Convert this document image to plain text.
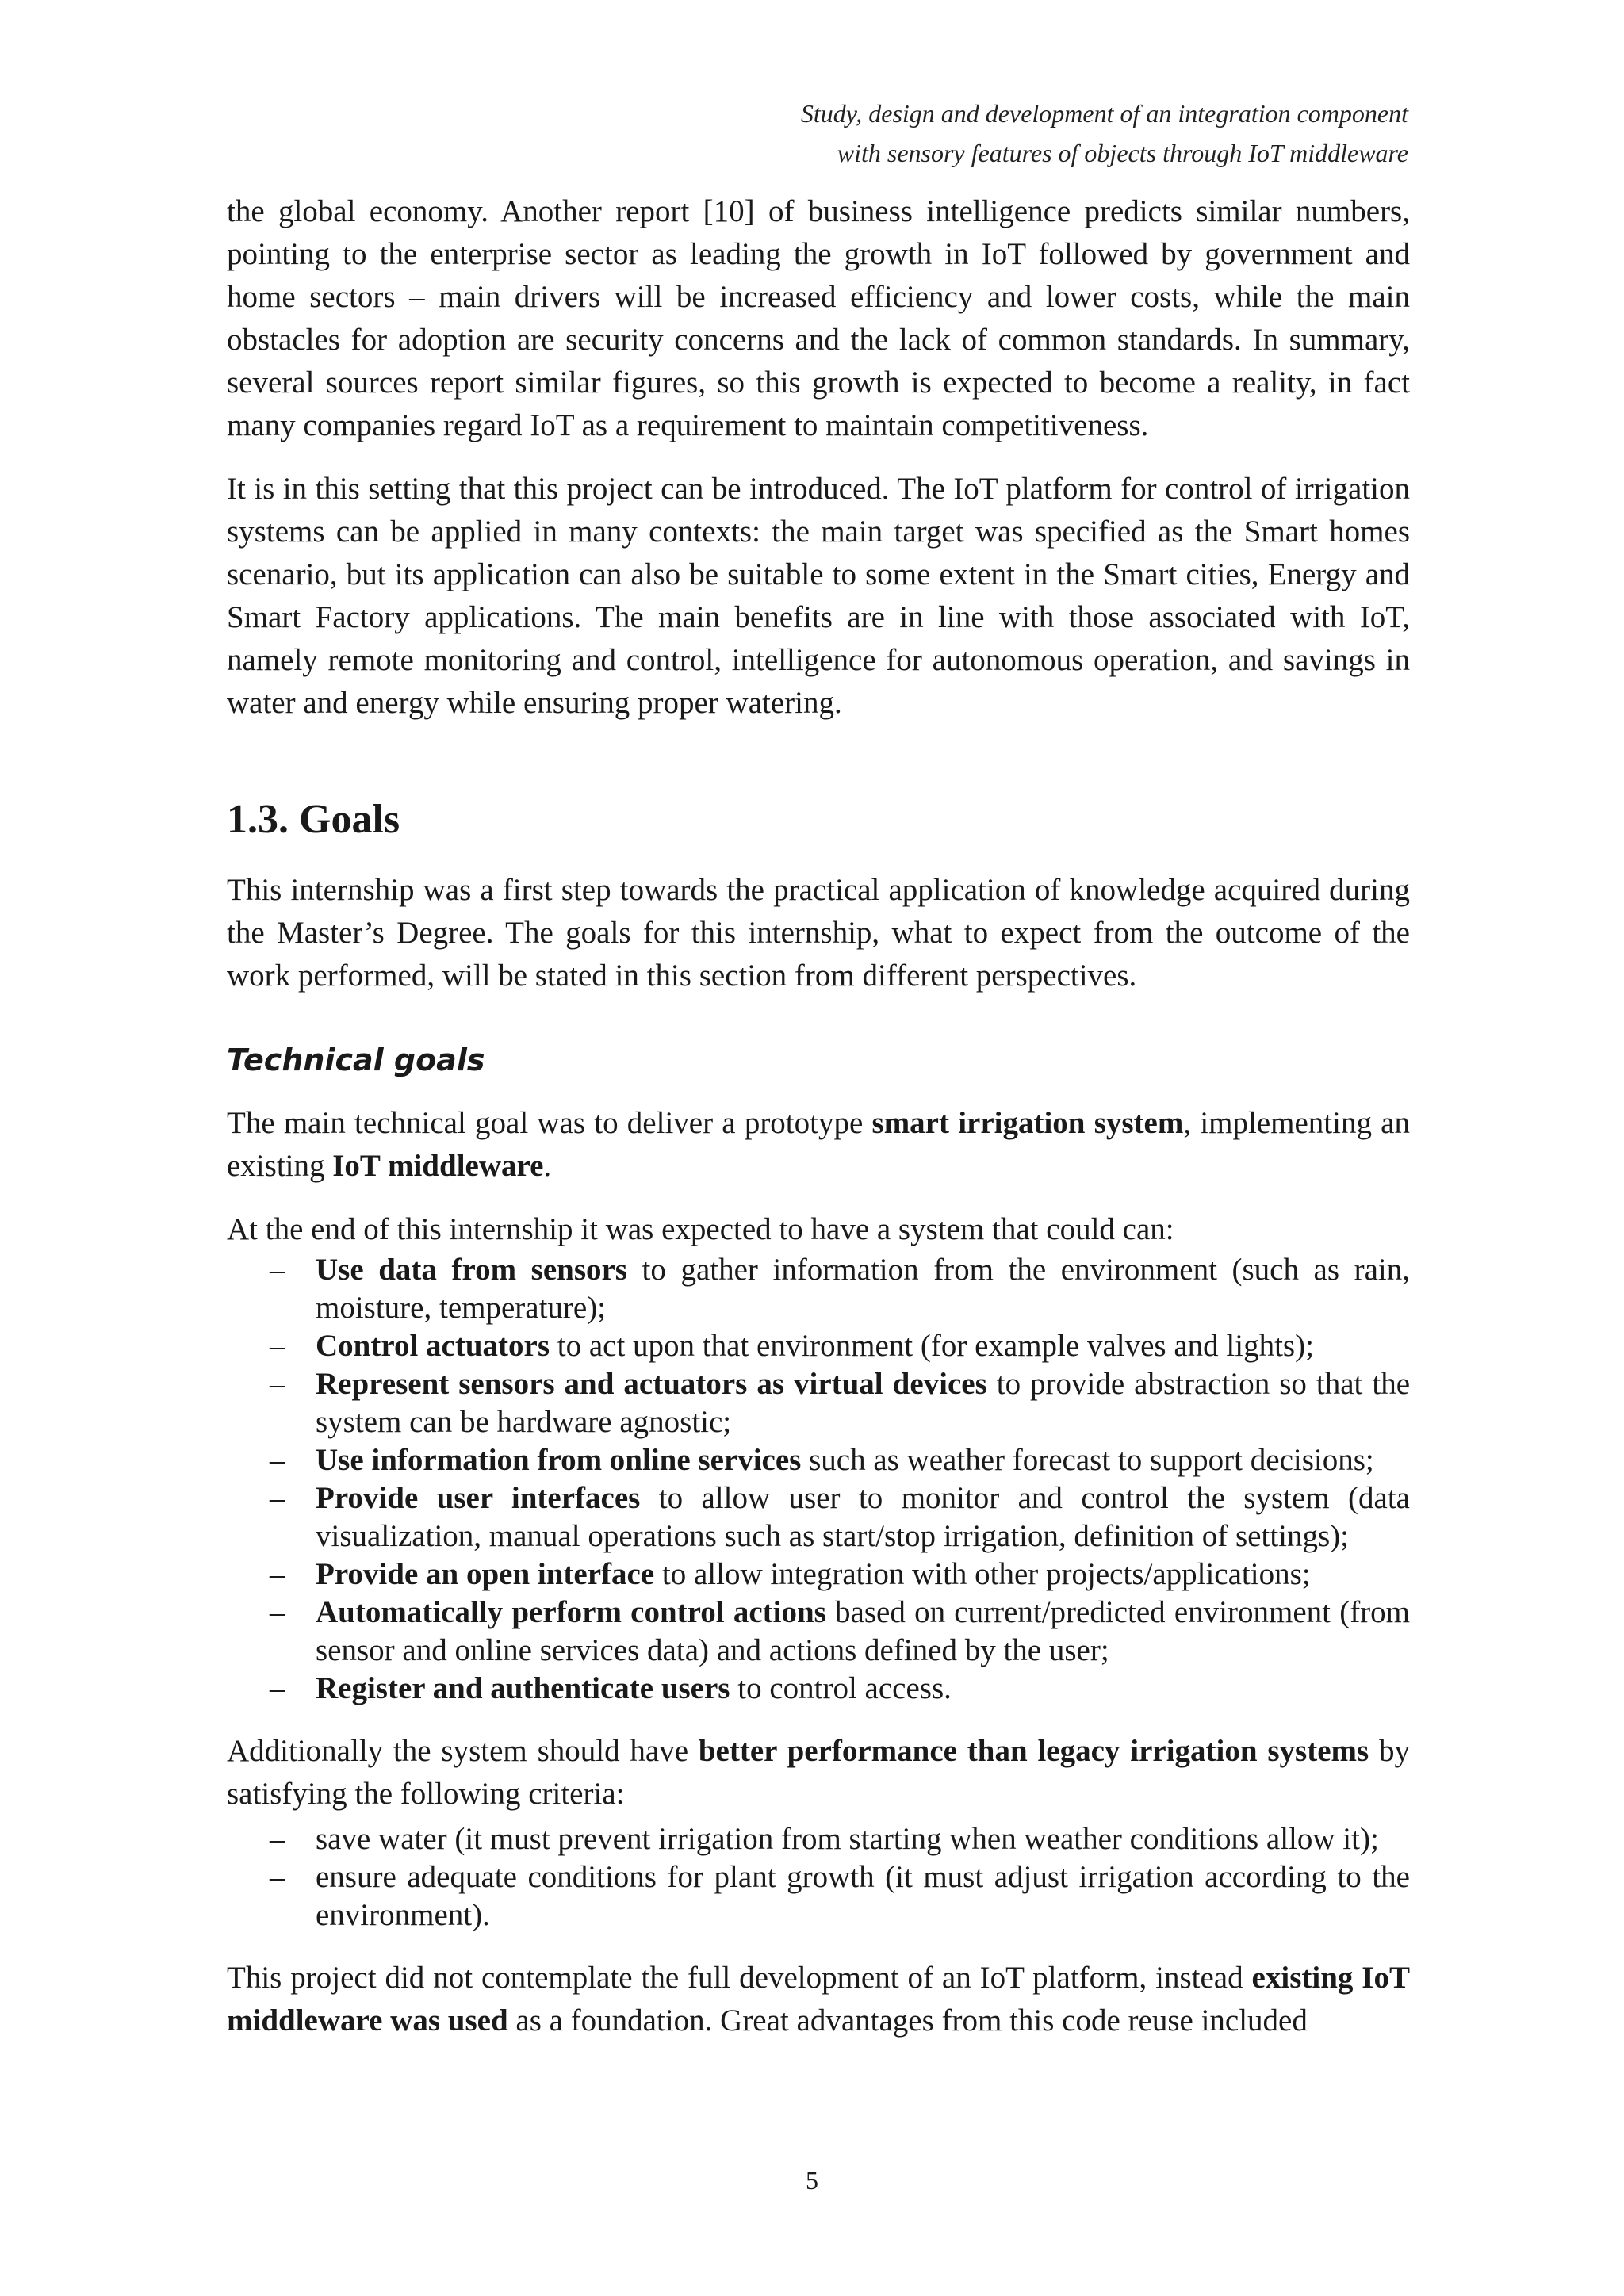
Study, design and development of an integration component
with sensory features of objects through IoT middleware

the global economy. Another report [10] of business intelligence predicts similar numbers, pointing to the enterprise sector as leading the growth in IoT followed by government and home sectors – main drivers will be increased efficiency and lower costs, while the main obstacles for adoption are security concerns and the lack of common standards. In summary, several sources report similar figures, so this growth is expected to become a reality, in fact many companies regard IoT as a requirement to maintain competitiveness.

It is in this setting that this project can be introduced. The IoT platform for control of irrigation systems can be applied in many contexts: the main target was specified as the Smart homes scenario, but its application can also be suitable to some extent in the Smart cities, Energy and Smart Factory applications. The main benefits are in line with those associated with IoT, namely remote monitoring and control, intelligence for autonomous operation, and savings in water and energy while ensuring proper watering.

1.3. Goals

This internship was a first step towards the practical application of knowledge acquired during the Master’s Degree. The goals for this internship, what to expect from the outcome of the work performed, will be stated in this section from different perspectives.

Technical goals

The main technical goal was to deliver a prototype smart irrigation system, implementing an existing IoT middleware.

At the end of this internship it was expected to have a system that could can:

– Use data from sensors to gather information from the environment (such as rain, moisture, temperature);
– Control actuators to act upon that environment (for example valves and lights);
– Represent sensors and actuators as virtual devices to provide abstraction so that the system can be hardware agnostic;
– Use information from online services such as weather forecast to support decisions;
– Provide user interfaces to allow user to monitor and control the system (data visualization, manual operations such as start/stop irrigation, definition of settings);
– Provide an open interface to allow integration with other projects/applications;
– Automatically perform control actions based on current/predicted environment (from sensor and online services data) and actions defined by the user;
– Register and authenticate users to control access.

Additionally the system should have better performance than legacy irrigation systems by satisfying the following criteria:

– save water (it must prevent irrigation from starting when weather conditions allow it);
– ensure adequate conditions for plant growth (it must adjust irrigation according to the environment).

This project did not contemplate the full development of an IoT platform, instead existing IoT middleware was used as a foundation. Great advantages from this code reuse included

5
